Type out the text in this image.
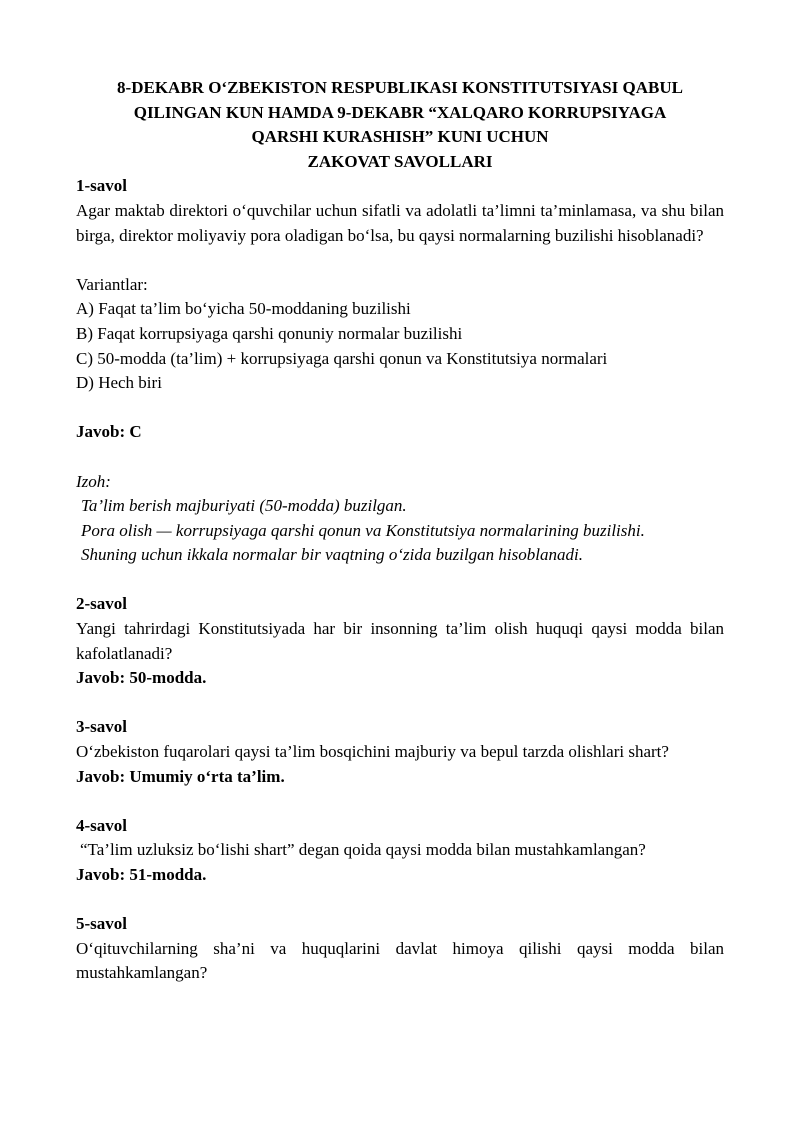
8-DEKABR O‘ZBEKISTON RESPUBLIKASI KONSTITUTSIYASI QABUL
QILINGAN KUN HAMDA 9-DEKABR “XALQARO KORRUPSIYAGA
QARSHI KURASHISH” KUNI UCHUN
ZAKOVAT SAVOLLARI

1-savol

Agar maktab direktori o‘quvchilar uchun sifatli va adolatli ta’limni ta’minlamasa, va shu bilan birga, direktor moliyaviy pora oladigan bo‘lsa, bu qaysi normalarning buzilishi hisoblanadi?

Variantlar:

A) Faqat ta’lim bo‘yicha 50-moddaning buzilishi

B) Faqat korrupsiyaga qarshi qonuniy normalar buzilishi

C) 50-modda (ta’lim) + korrupsiyaga qarshi qonun va Konstitutsiya normalari

D) Hech biri

Javob: C

Izoh:

Ta’lim berish majburiyati (50-modda) buzilgan.

Pora olish — korrupsiyaga qarshi qonun va Konstitutsiya normalarining buzilishi.

Shuning uchun ikkala normalar bir vaqtning o‘zida buzilgan hisoblanadi.

2-savol

Yangi tahrirdagi Konstitutsiyada har bir insonning ta’lim olish huquqi qaysi modda bilan kafolatlanadi?

Javob: 50-modda.

3-savol

O‘zbekiston fuqarolari qaysi ta’lim bosqichini majburiy va bepul tarzda olishlari shart?

Javob: Umumiy o‘rta ta’lim.

4-savol

“Ta’lim uzluksiz bo‘lishi shart” degan qoida qaysi modda bilan mustahkamlangan?

Javob: 51-modda.

5-savol

O‘qituvchilarning sha’ni va huquqlarini davlat himoya qilishi qaysi modda bilan mustahkamlangan?
